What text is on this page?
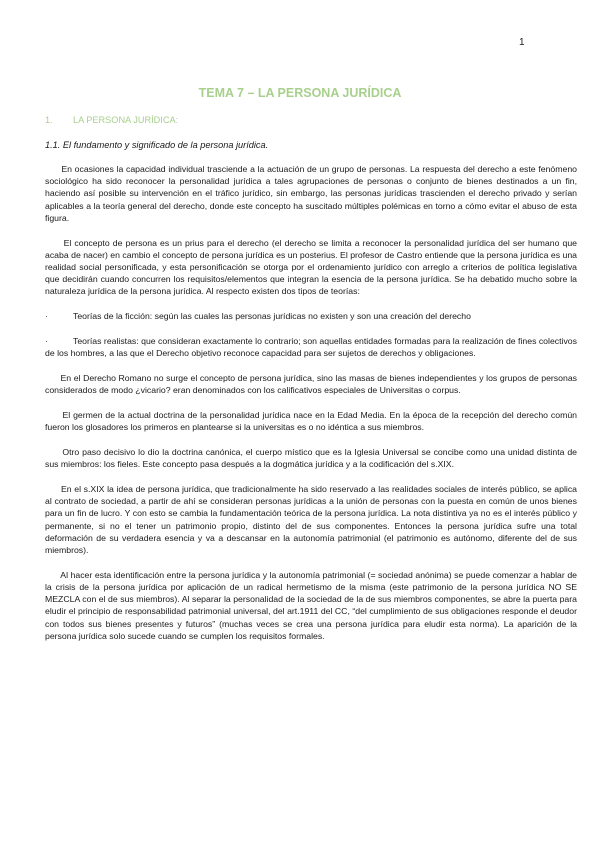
1
TEMA 7 – LA PERSONA JURÍDICA
1. LA PERSONA JURÍDICA:
1.1. El fundamento y significado de la persona jurídica.

En ocasiones la capacidad individual trasciende a la actuación de un grupo de personas. La respuesta del derecho a este fenómeno sociológico ha sido reconocer la personalidad jurídica a tales agrupaciones de personas o conjunto de bienes destinados a un fin, haciendo así posible su intervención en el tráfico jurídico, sin embargo, las personas jurídicas trascienden el derecho privado y serían aplicables a la teoría general del derecho, donde este concepto ha suscitado múltiples polémicas en torno a cómo evitar el abuso de esta figura.

El concepto de persona es un prius para el derecho (el derecho se limita a reconocer la personalidad jurídica del ser humano que acaba de nacer) en cambio el concepto de persona jurídica es un posterius. El profesor de Castro entiende que la persona jurídica es una realidad social personificada, y esta personificación se otorga por el ordenamiento jurídico con arreglo a criterios de política legislativa que decidirán cuando concurren los requisitos/elementos que integran la esencia de la persona jurídica. Se ha debatido mucho sobre la naturaleza jurídica de la persona jurídica. Al respecto existen dos tipos de teorías:

·	Teorías de la ficción: según las cuales las personas jurídicas no existen y son una creación del derecho

·	Teorías realistas: que consideran exactamente lo contrario; son aquellas entidades formadas para la realización de fines colectivos de los hombres, a las que el Derecho objetivo reconoce capacidad para ser sujetos de derechos y obligaciones.

En el Derecho Romano no surge el concepto de persona jurídica, sino las masas de bienes independientes y los grupos de personas considerados de modo ¿vicario? eran denominados con los calificativos especiales de Universitas o corpus.

El germen de la actual doctrina de la personalidad jurídica nace en la Edad Media. En la época de la recepción del derecho común fueron los glosadores los primeros en plantearse si la universitas es o no idéntica a sus miembros.

Otro paso decisivo lo dio la doctrina canónica, el cuerpo místico que es la Iglesia Universal se concibe como una unidad distinta de sus miembros: los fieles. Este concepto pasa después a la dogmática jurídica y a la codificación del s.XIX.

En el s.XIX la idea de persona jurídica, que tradicionalmente ha sido reservado a las realidades sociales de interés público, se aplica al contrato de sociedad, a partir de ahí se consideran personas jurídicas a la unión de personas con la puesta en común de unos bienes para un fin de lucro. Y con esto se cambia la fundamentación teórica de la persona jurídica. La nota distintiva ya no es el interés público y permanente, si no el tener un patrimonio propio, distinto del de sus componentes. Entonces la persona jurídica sufre una total deformación de su verdadera esencia y va a descansar en la autonomía patrimonial (el patrimonio es autónomo, diferente del de sus miembros).

Al hacer esta identificación entre la persona jurídica y la autonomía patrimonial (= sociedad anónima) se puede comenzar a hablar de la crisis de la persona jurídica por aplicación de un radical hermetismo de la misma (este patrimonio de la persona jurídica NO SE MEZCLA con el de sus miembros). Al separar la personalidad de la sociedad de la de sus miembros componentes, se abre la puerta para eludir el principio de responsabilidad patrimonial universal, del art.1911 del CC, “del cumplimiento de sus obligaciones responde el deudor con todos sus bienes presentes y futuros” (muchas veces se crea una persona jurídica para eludir esta norma). La aparición de la persona jurídica solo sucede cuando se cumplen los requisitos formales.
